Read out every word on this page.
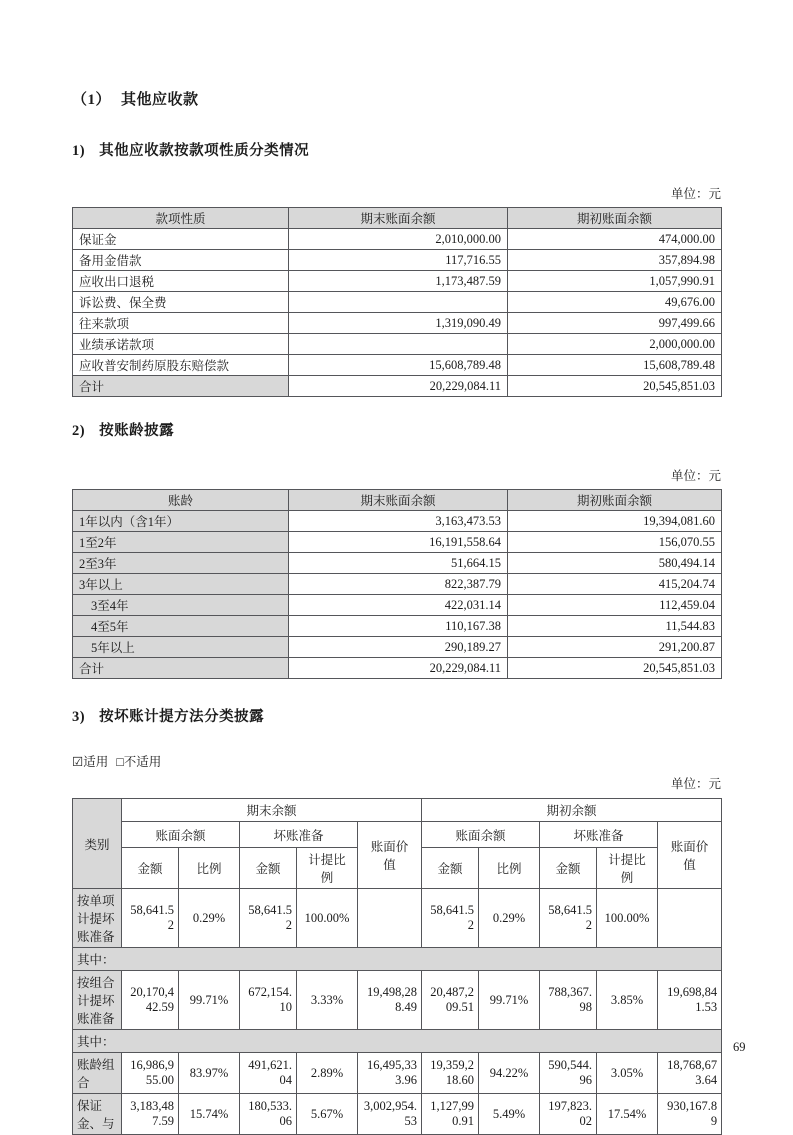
（1） 其他应收款
1) 其他应收款按款项性质分类情况
单位：元
款项性质	期末账面余额	期初账面余额
保证金	2,010,000.00	474,000.00
备用金借款	117,716.55	357,894.98
应收出口退税	1,173,487.59	1,057,990.91
诉讼费、保全费		49,676.00
往来款项	1,319,090.49	997,499.66
业绩承诺款项		2,000,000.00
应收普安制药原股东赔偿款	15,608,789.48	15,608,789.48
合计	20,229,084.11	20,545,851.03
2) 按账龄披露
单位：元
账龄	期末账面余额	期初账面余额
1年以内（含1年）	3,163,473.53	19,394,081.60
1至2年	16,191,558.64	156,070.55
2至3年	51,664.15	580,494.14
3年以上	822,387.79	415,204.74
3至4年	422,031.14	112,459.04
4至5年	110,167.38	11,544.83
5年以上	290,189.27	291,200.87
合计	20,229,084.11	20,545,851.03
3) 按坏账计提方法分类披露
☑适用 □不适用
单位：元
类别	期末余额					期初余额				
	账面余额		坏账准备		账面价值	账面余额		坏账准备		账面价值
	金额	比例	金额	计提比例		金额	比例	金额	计提比例	
按单项计提坏账准备	58,641.52	0.29%	58,641.52	100.00%		58,641.52	0.29%	58,641.52	100.00%	
其中：										
按组合计提坏账准备	20,170,442.59	99.71%	672,154.10	3.33%	19,498,288.49	20,487,209.51	99.71%	788,367.98	3.85%	19,698,841.53
其中：										
账龄组合	16,986,955.00	83.97%	491,621.04	2.89%	16,495,333.96	19,359,218.60	94.22%	590,544.96	3.05%	18,768,673.64
保证金、与	3,183,487.59	15.74%	180,533.06	5.67%	3,002,954.53	1,127,990.91	5.49%	197,823.02	17.54%	930,167.89
69
